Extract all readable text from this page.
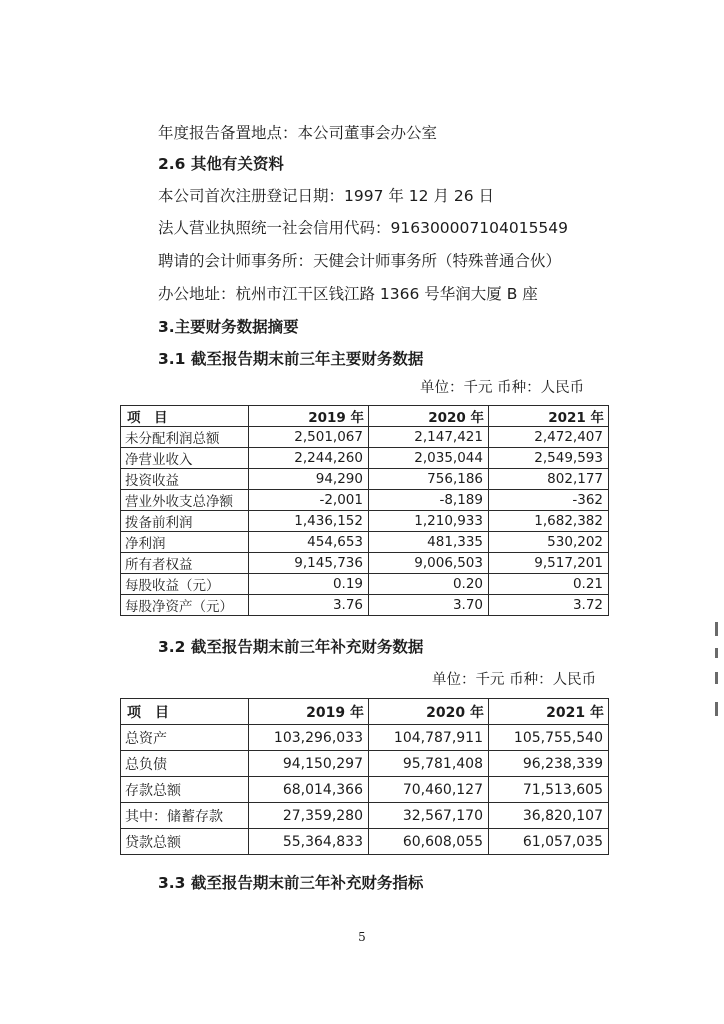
年度报告备置地点：本公司董事会办公室
2.6 其他有关资料
本公司首次注册登记日期：1997 年 12 月 26 日
法人营业执照统一社会信用代码：916300007104015549
聘请的会计师事务所：天健会计师事务所（特殊普通合伙）
办公地址：杭州市江干区钱江路 1366 号华润大厦 B 座
3.主要财务数据摘要
3.1 截至报告期末前三年主要财务数据
单位：千元 币种：人民币
项　目	2019 年	2020 年	2021 年
未分配利润总额	2,501,067	2,147,421	2,472,407
净营业收入	2,244,260	2,035,044	2,549,593
投资收益	94,290	756,186	802,177
营业外收支总净额	-2,001	-8,189	-362
拨备前利润	1,436,152	1,210,933	1,682,382
净利润	454,653	481,335	530,202
所有者权益	9,145,736	9,006,503	9,517,201
每股收益（元）	0.19	0.20	0.21
每股净资产（元）	3.76	3.70	3.72
3.2 截至报告期末前三年补充财务数据
单位：千元 币种：人民币
项　目	2019 年	2020 年	2021 年
总资产	103,296,033	104,787,911	105,755,540
总负债	94,150,297	95,781,408	96,238,339
存款总额	68,014,366	70,460,127	71,513,605
其中：储蓄存款	27,359,280	32,567,170	36,820,107
贷款总额	55,364,833	60,608,055	61,057,035
3.3 截至报告期末前三年补充财务指标
5
